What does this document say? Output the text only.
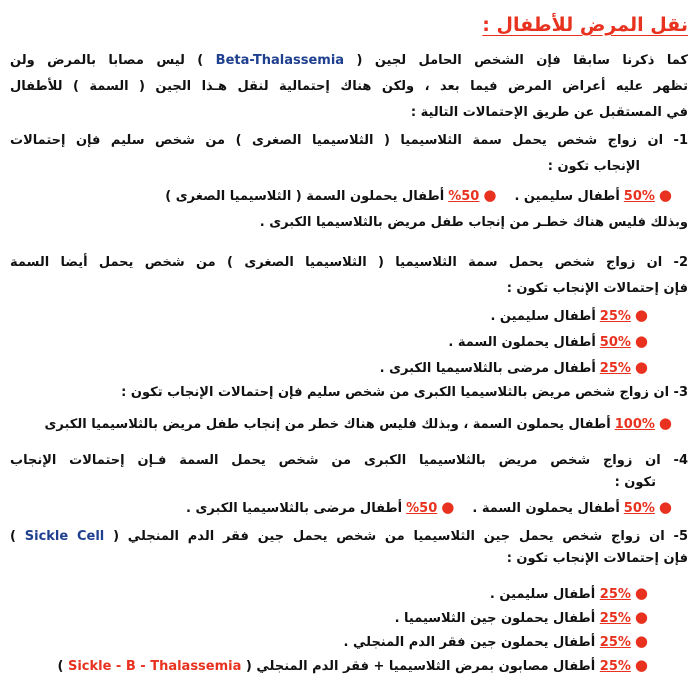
نقل المرض للأطفال :
كما ذكرنا سابقا فإن الشخص الحامل لجين ( Beta-Thalassemia ) ليس مصابا بالمرض ولن
تظهر عليه أعراض المرض فيما بعد ، ولكن هناك إحتمالية لنقل هـذا الجين ( السمة ) للأطفال
في المستقبل عن طريق الإحتمالات التالية :
1- ان زواج شخص يحمل سمة الثلاسيميا ( الثلاسيميا الصغرى ) من شخص سليم فإن إحتمالات
الإنجاب تكون :
●50%أطفال سليمين .●50%أطفال يحملون السمة ( الثلاسيميا الصغرى )
وبذلك فليس هناك خطـر من إنجاب طفل مريض بالثلاسيميا الكبرى .
2- ان زواج شخص يحمل سمة الثلاسيميا ( الثلاسيميا الصغرى ) من شخص يحمل أيضا السمة
فإن إحتمالات الإنجاب تكون :
●25%أطفال سليمين .
●50%أطفال يحملون السمة .
●25%أطفال مرضى بالثلاسيميا الكبرى .
3- ان زواج شخص مريض بالثلاسيميا الكبرى من شخص سليم فإن إحتمالات الإنجاب تكون :
●100%أطفال يحملون السمة ، وبذلك فليس هناك خطر من إنجاب طفل مريض بالثلاسيميا الكبرى
4- ان زواج شخص مريض بالثلاسيميا الكبرى من شخص يحمل السمة فـإن إحتمالات الإنجاب
تكون :
●50%أطفال يحملون السمة .●50%أطفال مرضى بالثلاسيميا الكبرى .
5- ان زواج شخص يحمل جين الثلاسيميا من شخص يحمل جين فقر الدم المنجلي ( Sickle Cell )
فإن إحتمالات الإنجاب تكون :
●25% أطفال سليمين .
●25% أطفال يحملون جين الثلاسيميا .
●25% أطفال يحملون جين فقر الدم المنجلي .
●25% أطفال مصابون بمرض الثلاسيميا + فقر الدم المنجلي ( Sickle - B - Thalassemia )
